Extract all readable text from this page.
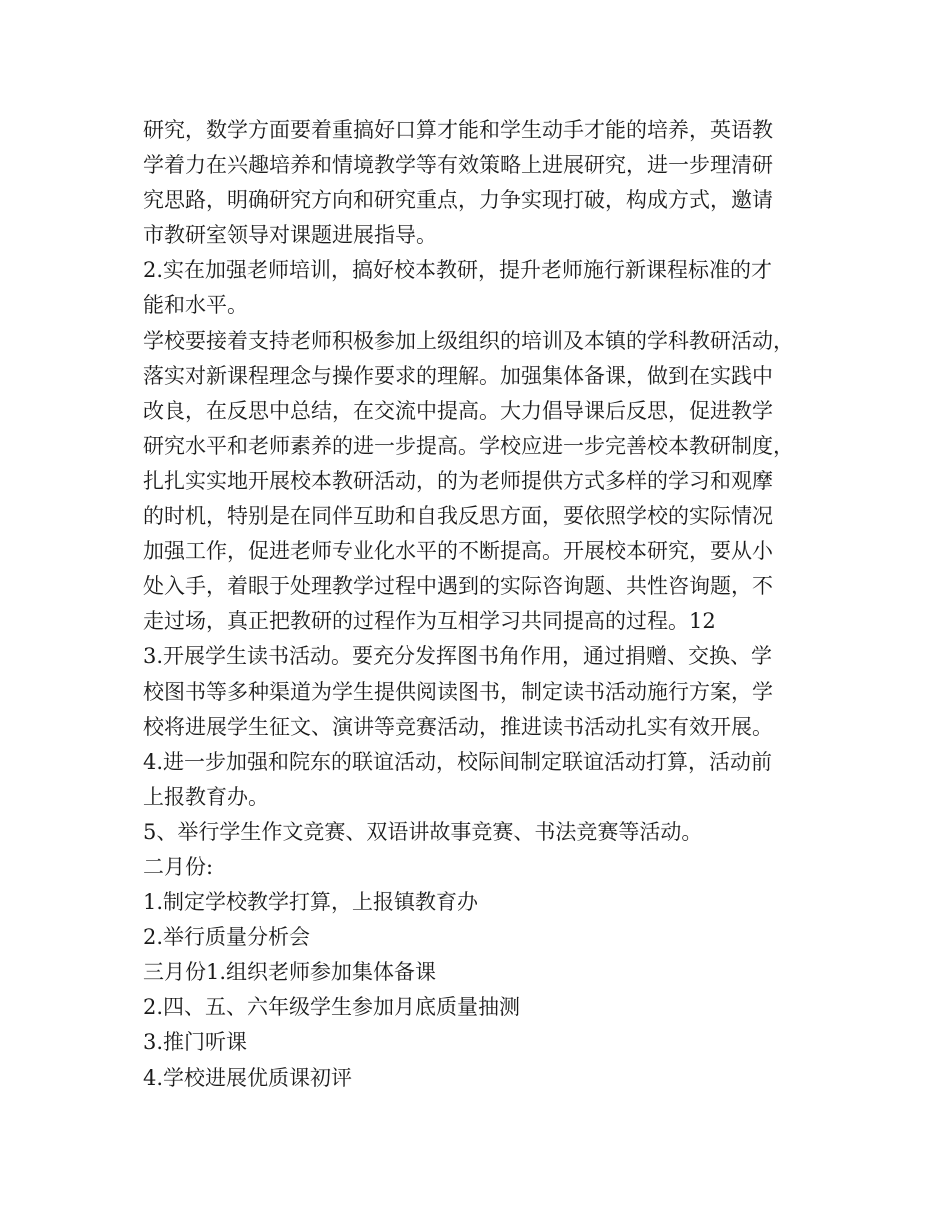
研究，数学方面要着重搞好口算才能和学生动手才能的培养，英语教
学着力在兴趣培养和情境教学等有效策略上进展研究，进一步理清研
究思路，明确研究方向和研究重点，力争实现打破，构成方式，邀请
市教研室领导对课题进展指导。
2.实在加强老师培训，搞好校本教研，提升老师施行新课程标准的才
能和水平。
学校要接着支持老师积极参加上级组织的培训及本镇的学科教研活动，
落实对新课程理念与操作要求的理解。加强集体备课，做到在实践中
改良，在反思中总结，在交流中提高。大力倡导课后反思，促进教学
研究水平和老师素养的进一步提高。学校应进一步完善校本教研制度，
扎扎实实地开展校本教研活动，的为老师提供方式多样的学习和观摩
的时机，特别是在同伴互助和自我反思方面，要依照学校的实际情况
加强工作，促进老师专业化水平的不断提高。开展校本研究，要从小
处入手，着眼于处理教学过程中遇到的实际咨询题、共性咨询题，不
走过场，真正把教研的过程作为互相学习共同提高的过程。12
3.开展学生读书活动。要充分发挥图书角作用，通过捐赠、交换、学
校图书等多种渠道为学生提供阅读图书，制定读书活动施行方案，学
校将进展学生征文、演讲等竞赛活动，推进读书活动扎实有效开展。
4.进一步加强和院东的联谊活动，校际间制定联谊活动打算，活动前
上报教育办。
5、举行学生作文竞赛、双语讲故事竞赛、书法竞赛等活动。
二月份:
1.制定学校教学打算，上报镇教育办
2.举行质量分析会
三月份1.组织老师参加集体备课
2.四、五、六年级学生参加月底质量抽测
3.推门听课
4.学校进展优质课初评
